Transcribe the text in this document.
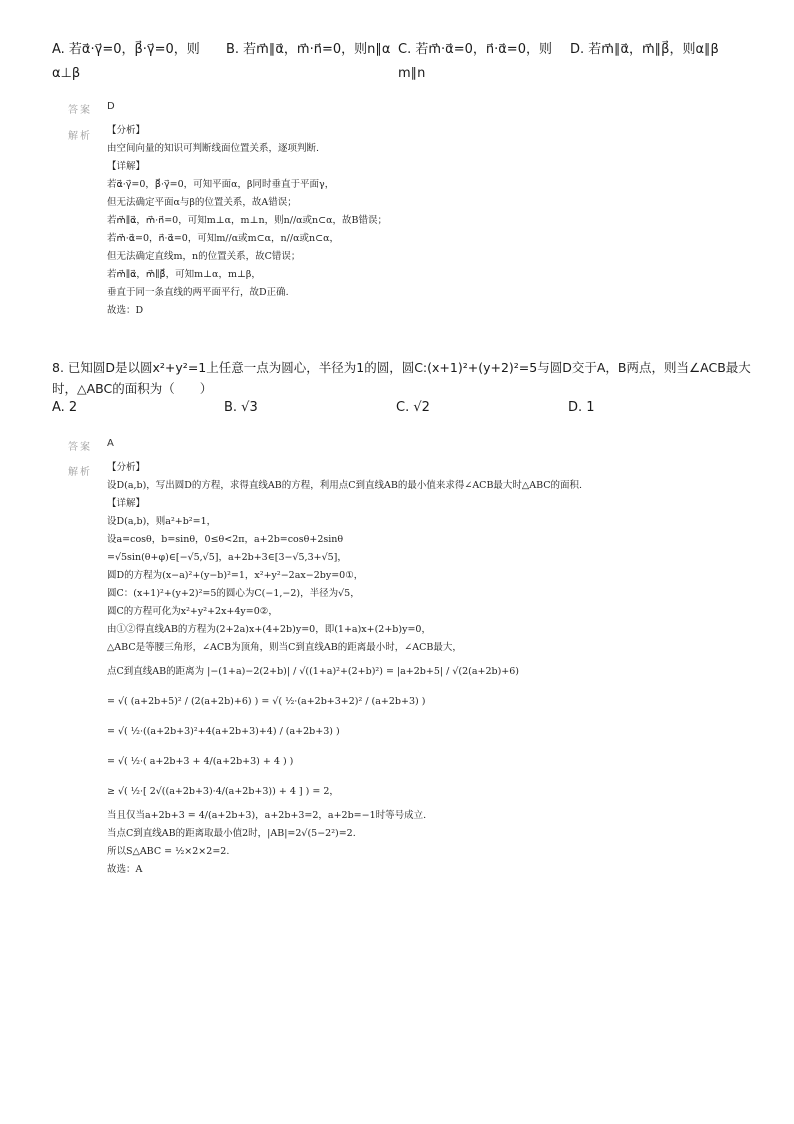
A. 若α⃗·γ⃗=0，β⃗·γ⃗=0，则α⊥β
B. 若m⃗∥α⃗，m⃗·n⃗=0，则n∥α C. 若m⃗·α⃗=0，n⃗·α⃗=0，则m∥n
D. 若m⃗∥α⃗，m⃗∥β⃗，则α∥β
答案 D
解析
【分析】
由空间向量的知识可判断线面位置关系，逐项判断.
【详解】
若α⃗·γ⃗=0，β⃗·γ⃗=0，可知平面α，β同时垂直于平面γ，
但无法确定平面α与β的位置关系，故A错误；
若m⃗∥α⃗，m⃗·n⃗=0，可知m⊥α，m⊥n，则n//α或n⊂α，故B错误；
若m⃗·α⃗=0，n⃗·α⃗=0，可知m//α或m⊂α，n//α或n⊂α，
但无法确定直线m，n的位置关系，故C错误；
若m⃗∥α⃗，m⃗∥β⃗，可知m⊥α，m⊥β，
垂直于同一条直线的两平面平行，故D正确.
故选：D
8. 已知圆D是以圆x²+y²=1上任意一点为圆心，半径为1的圆，圆C:(x+1)²+(y+2)²=5与圆D交于A，B两点，则当∠ACB最大时，△ABC的面积为（　　）
A. 2	B. √3	C. √2	D. 1
答案 A
解析 【分析】
设D(a,b)，写出圆D的方程，求得直线AB的方程，利用点C到直线AB的最小值来求得∠ACB最大时△ABC的面积.
【详解】
设D(a,b)，则a²+b²=1，
设a=cosθ，b=sinθ，0≤θ<2π，a+2b=cosθ+2sinθ
=√5sin(θ+φ)∈[−√5,√5]，a+2b+3∈[3−√5,3+√5]，
圆D的方程为(x−a)²+(y−b)²=1，x²+y²−2ax−2by=0①，
圆C：(x+1)²+(y+2)²=5的圆心为C(−1,−2)，半径为√5，
圆C的方程可化为x²+y²+2x+4y=0②，
由①②得直线AB的方程为(2+2a)x+(4+2b)y=0，即(1+a)x+(2+b)y=0，
△ABC是等腰三角形，∠ACB为顶角，则当C到直线AB的距离最小时，∠ACB最大，
点C到直线AB的距离为 |−(1+a)−2(2+b)| / √((1+a)²+(2+b)²) = |a+2b+5| / √(2(a+2b)+6)
= √( (a+2b+5)² / (2(a+2b)+6) ) = √( ½·(a+2b+3+2)² / (a+2b+3) )
= √( ½·((a+2b+3)²+4(a+2b+3)+4) / (a+2b+3) )
= √( ½·( a+2b+3 + 4/(a+2b+3) + 4 ) )
≥ √( ½·[ 2√((a+2b+3)·4/(a+2b+3)) + 4 ] ) = 2，
当且仅当a+2b+3 = 4/(a+2b+3)，a+2b+3=2，a+2b=−1时等号成立.
当点C到直线AB的距离取最小值2时，|AB|=2√(5−2²)=2.
所以S△ABC = ½×2×2=2.
故选：A
